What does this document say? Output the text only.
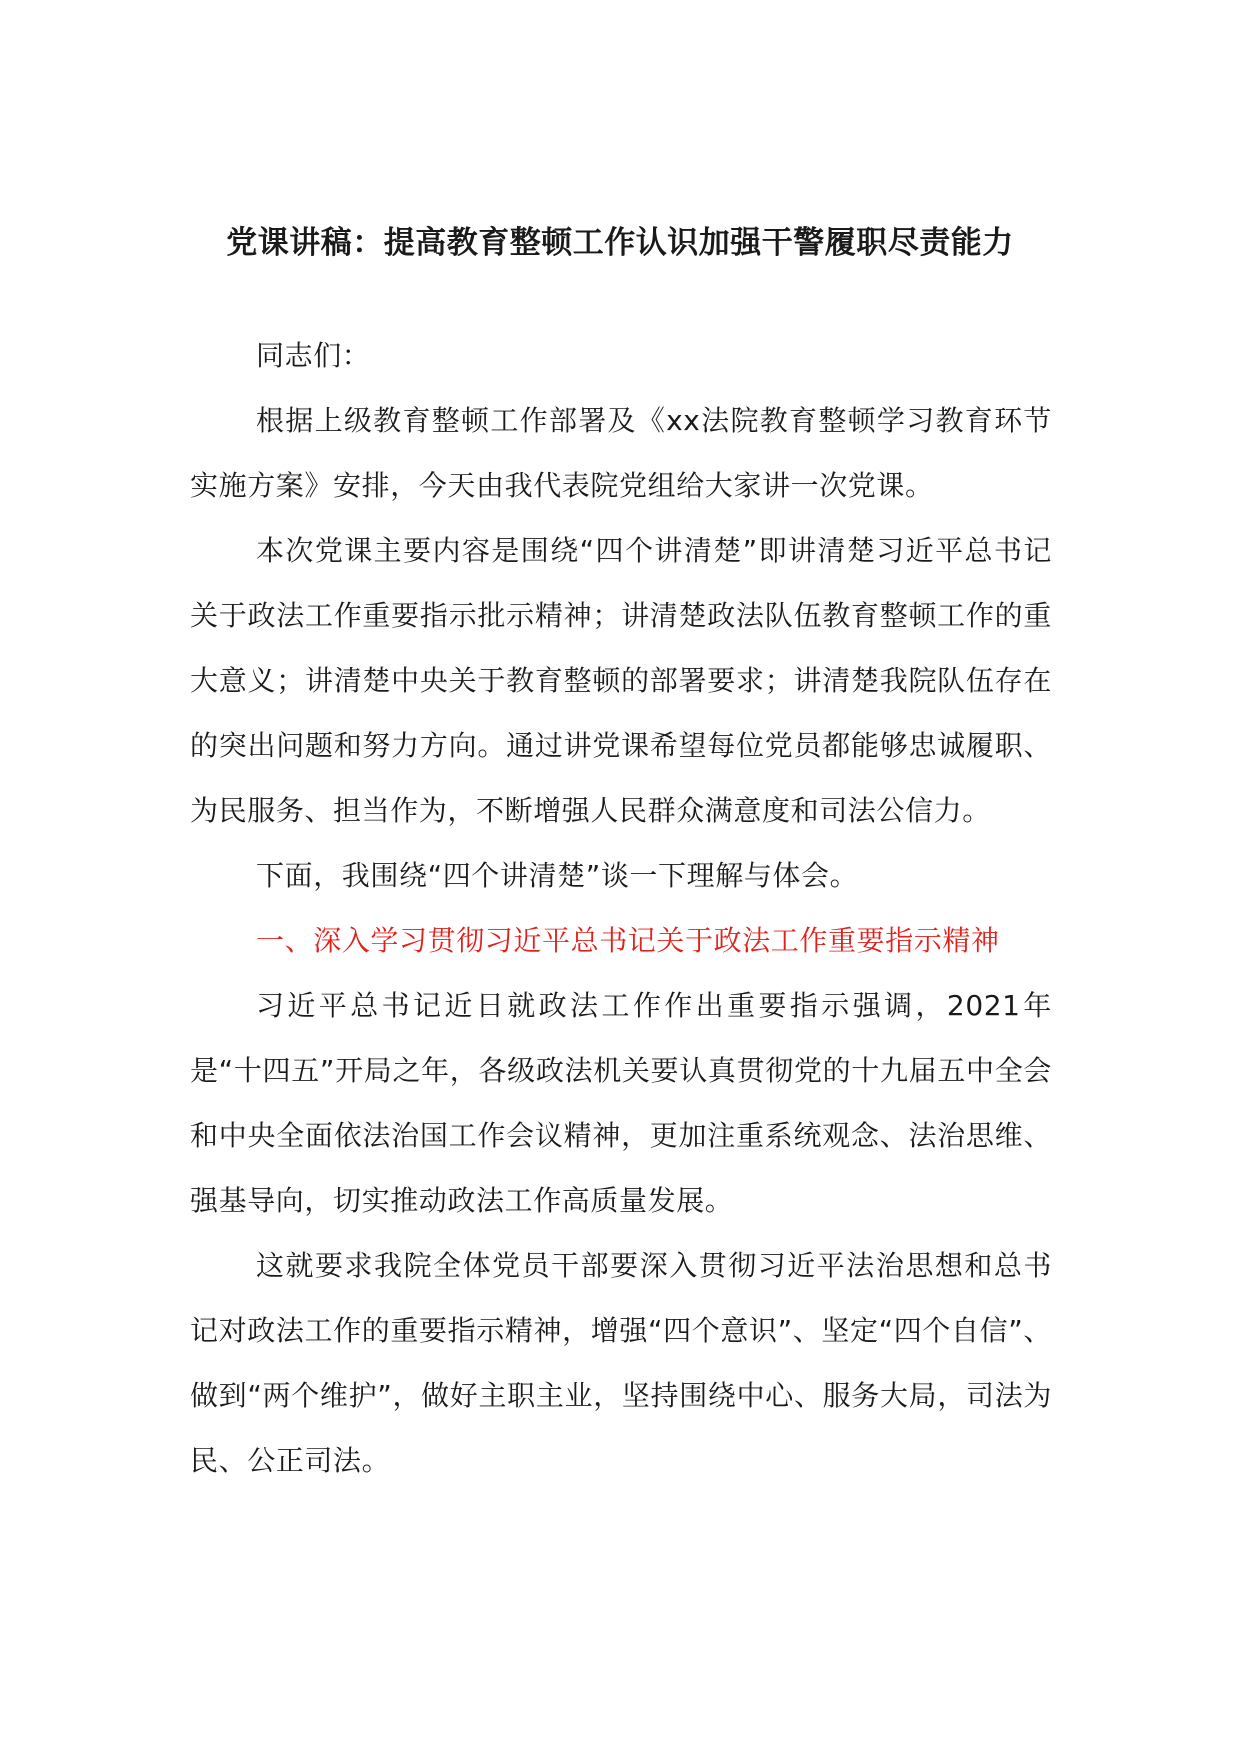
党课讲稿：提高教育整顿工作认识加强干警履职尽责能力

同志们：

根据上级教育整顿工作部署及《xx法院教育整顿学习教育环节实施方案》安排，今天由我代表院党组给大家讲一次党课。

本次党课主要内容是围绕“四个讲清楚”即讲清楚习近平总书记关于政法工作重要指示批示精神；讲清楚政法队伍教育整顿工作的重大意义；讲清楚中央关于教育整顿的部署要求；讲清楚我院队伍存在的突出问题和努力方向。通过讲党课希望每位党员都能够忠诚履职、为民服务、担当作为，不断增强人民群众满意度和司法公信力。

下面，我围绕“四个讲清楚”谈一下理解与体会。

一、深入学习贯彻习近平总书记关于政法工作重要指示精神

习近平总书记近日就政法工作作出重要指示强调，2021年是“十四五”开局之年，各级政法机关要认真贯彻党的十九届五中全会和中央全面依法治国工作会议精神，更加注重系统观念、法治思维、强基导向，切实推动政法工作高质量发展。

这就要求我院全体党员干部要深入贯彻习近平法治思想和总书记对政法工作的重要指示精神，增强“四个意识”、坚定“四个自信”、做到“两个维护”，做好主职主业，坚持围绕中心、服务大局，司法为民、公正司法。
